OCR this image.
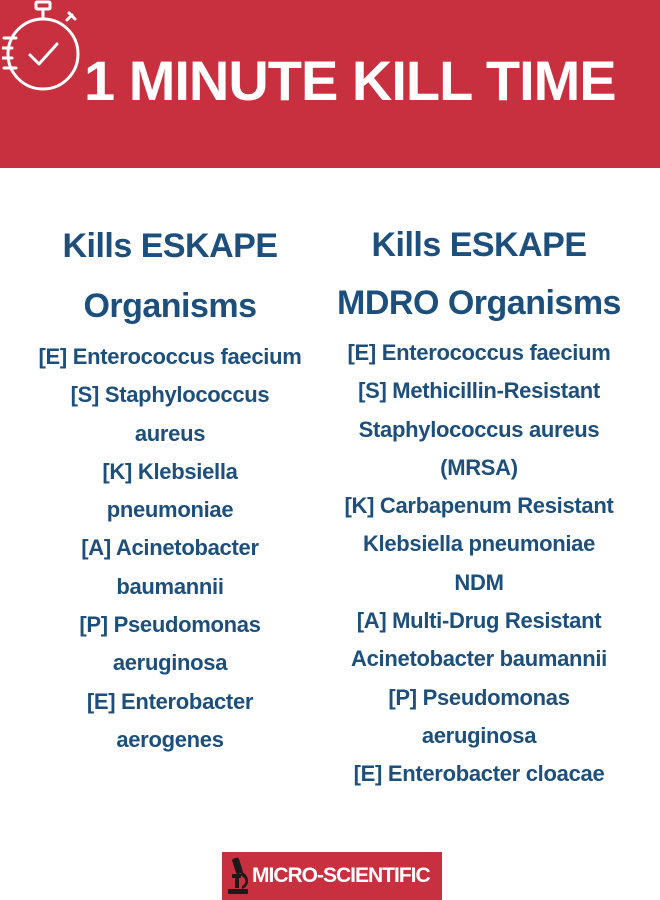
1 MINUTE KILL TIME
Kills ESKAPE
Organisms
[E] Enterococcus faecium
[S] Staphylococcus
aureus
[K] Klebsiella
pneumoniae
[A] Acinetobacter
baumannii
[P] Pseudomonas
aeruginosa
[E] Enterobacter
aerogenes
Kills ESKAPE
MDRO Organisms
[E] Enterococcus faecium
[S] Methicillin-Resistant
Staphylococcus aureus
(MRSA)
[K] Carbapenum Resistant
Klebsiella pneumoniae
NDM
[A] Multi-Drug Resistant
Acinetobacter baumannii
[P] Pseudomonas
aeruginosa
[E] Enterobacter cloacae
MICRO-SCIENTIFIC
